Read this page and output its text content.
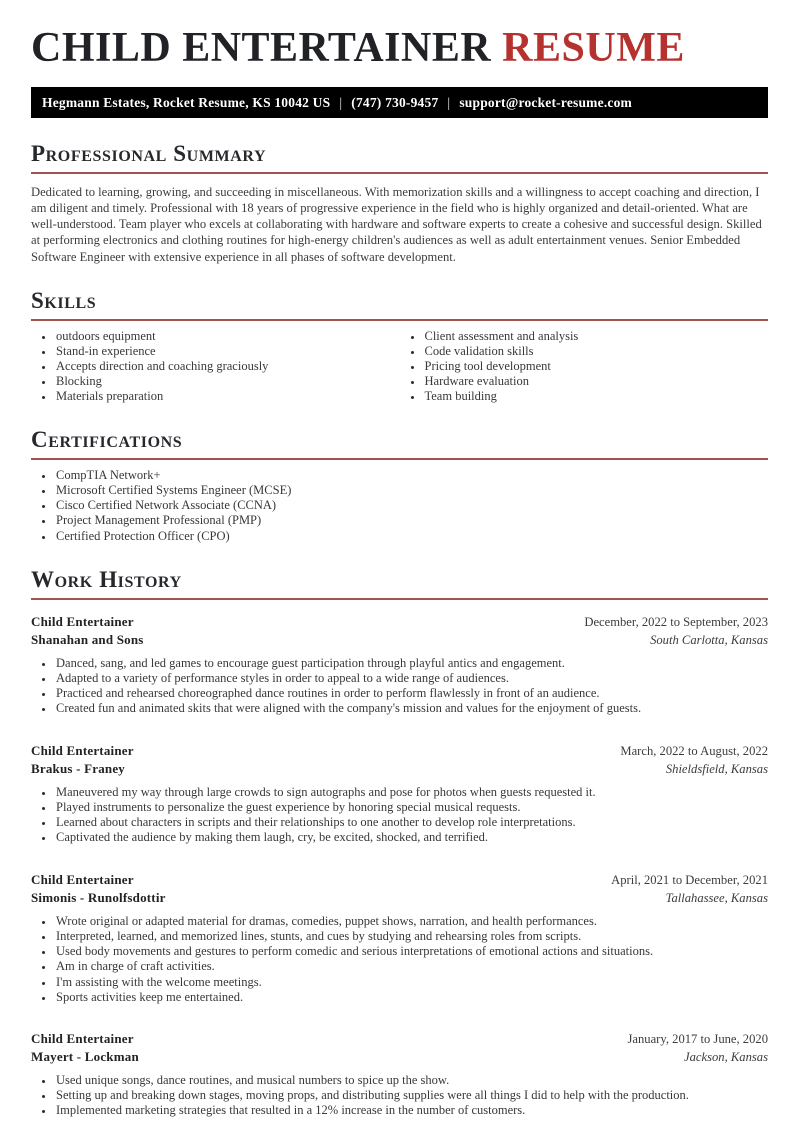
CHILD ENTERTAINER RESUME
Hegmann Estates, Rocket Resume, KS 10042 US | (747) 730-9457 | support@rocket-resume.com
Professional Summary

Dedicated to learning, growing, and succeeding in miscellaneous. With memorization skills and a willingness to accept coaching and direction, I am diligent and timely. Professional with 18 years of progressive experience in the field who is highly organized and detail-oriented. What are well-understood. Team player who excels at collaborating with hardware and software experts to create a cohesive and successful design. Skilled at performing electronics and clothing routines for high-energy children's audiences as well as adult entertainment venues. Senior Embedded Software Engineer with extensive experience in all phases of software development.

Skills
• outdoors equipment
• Stand-in experience
• Accepts direction and coaching graciously
• Blocking
• Materials preparation
• Client assessment and analysis
• Code validation skills
• Pricing tool development
• Hardware evaluation
• Team building
Certifications
• CompTIA Network+
• Microsoft Certified Systems Engineer (MCSE)
• Cisco Certified Network Associate (CCNA)
• Project Management Professional (PMP)
• Certified Protection Officer (CPO)
Work History
Child Entertainer	December, 2022 to September, 2023
Shanahan and Sons	South Carlotta, Kansas
• Danced, sang, and led games to encourage guest participation through playful antics and engagement.
• Adapted to a variety of performance styles in order to appeal to a wide range of audiences.
• Practiced and rehearsed choreographed dance routines in order to perform flawlessly in front of an audience.
• Created fun and animated skits that were aligned with the company's mission and values for the enjoyment of guests.
Child Entertainer	March, 2022 to August, 2022
Brakus - Franey	Shieldsfield, Kansas
• Maneuvered my way through large crowds to sign autographs and pose for photos when guests requested it.
• Played instruments to personalize the guest experience by honoring special musical requests.
• Learned about characters in scripts and their relationships to one another to develop role interpretations.
• Captivated the audience by making them laugh, cry, be excited, shocked, and terrified.
Child Entertainer	April, 2021 to December, 2021
Simonis - Runolfsdottir	Tallahassee, Kansas
• Wrote original or adapted material for dramas, comedies, puppet shows, narration, and health performances.
• Interpreted, learned, and memorized lines, stunts, and cues by studying and rehearsing roles from scripts.
• Used body movements and gestures to perform comedic and serious interpretations of emotional actions and situations.
• Am in charge of craft activities.
• I'm assisting with the welcome meetings.
• Sports activities keep me entertained.
Child Entertainer	January, 2017 to June, 2020
Mayert - Lockman	Jackson, Kansas
• Used unique songs, dance routines, and musical numbers to spice up the show.
• Setting up and breaking down stages, moving props, and distributing supplies were all things I did to help with the production.
• Implemented marketing strategies that resulted in a 12% increase in the number of customers.
